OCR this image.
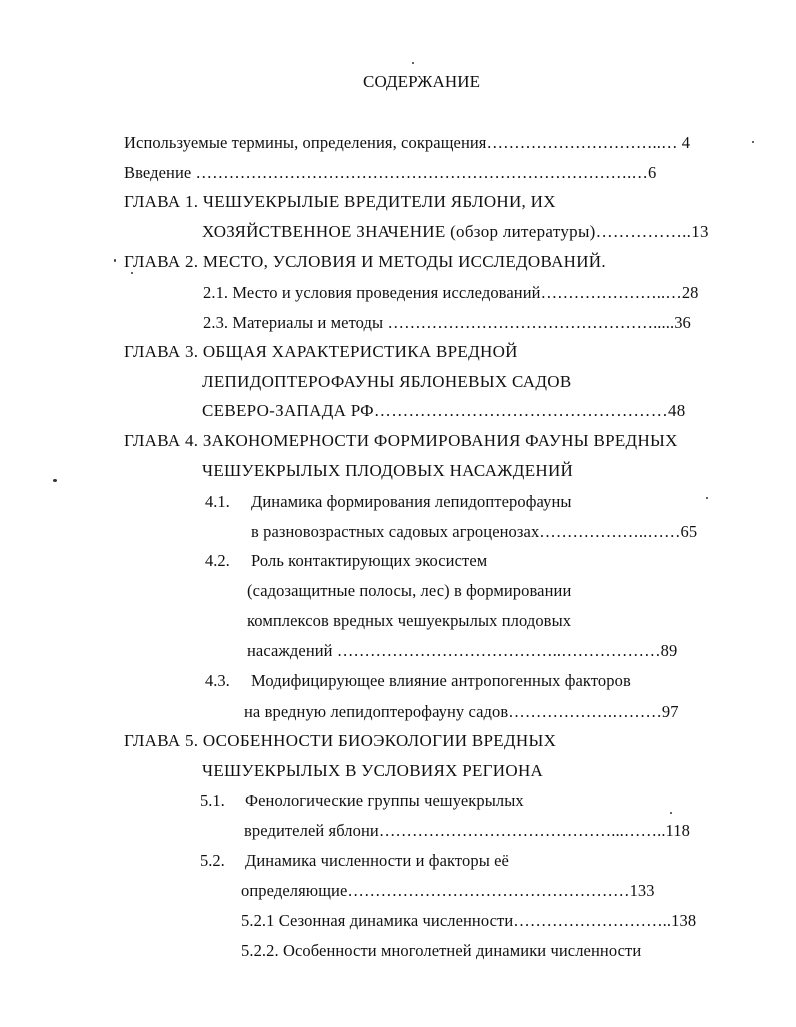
СОДЕРЖАНИЕ
Используемые термины, определения, сокращения…………………………..… 4
Введение …………………………………………………………………….…6
ГЛАВА 1. ЧЕШУЕКРЫЛЫЕ ВРЕДИТЕЛИ ЯБЛОНИ, ИХ
ХОЗЯЙСТВЕННОЕ ЗНАЧЕНИЕ (обзор литературы)……………..13
ГЛАВА 2. МЕСТО, УСЛОВИЯ И МЕТОДЫ ИССЛЕДОВАНИЙ.
2.1. Место и условия проведения исследований…………………..…28
2.3. Материалы и методы ………………………………………….....36
ГЛАВА 3. ОБЩАЯ ХАРАКТЕРИСТИКА ВРЕДНОЙ
ЛЕПИДОПТЕРОФАУНЫ ЯБЛОНЕВЫХ САДОВ
СЕВЕРО-ЗАПАДА РФ……………………………………………48
ГЛАВА 4. ЗАКОНОМЕРНОСТИ ФОРМИРОВАНИЯ ФАУНЫ ВРЕДНЫХ
ЧЕШУЕКРЫЛЫХ ПЛОДОВЫХ НАСАЖДЕНИЙ
4.1. Динамика формирования лепидоптерофауны
в разновозрастных садовых агроценозах………………..……65
4.2. Роль контактирующих экосистем
(садозащитные полосы, лес) в формировании
комплексов вредных чешуекрылых плодовых
насаждений …………………………………..………………89
4.3. Модифицирующее влияние антропогенных факторов
на вредную лепидоптерофауну садов……………….………97
ГЛАВА 5. ОСОБЕННОСТИ БИОЭКОЛОГИИ ВРЕДНЫХ
ЧЕШУЕКРЫЛЫХ В УСЛОВИЯХ РЕГИОНА
5.1. Фенологические группы чешуекрылых
вредителей яблони……………………………………...……..118
5.2. Динамика численности и факторы её
определяющие……………………………………………133
5.2.1 Сезонная динамика численности………………………..138
5.2.2. Особенности многолетней динамики численности
